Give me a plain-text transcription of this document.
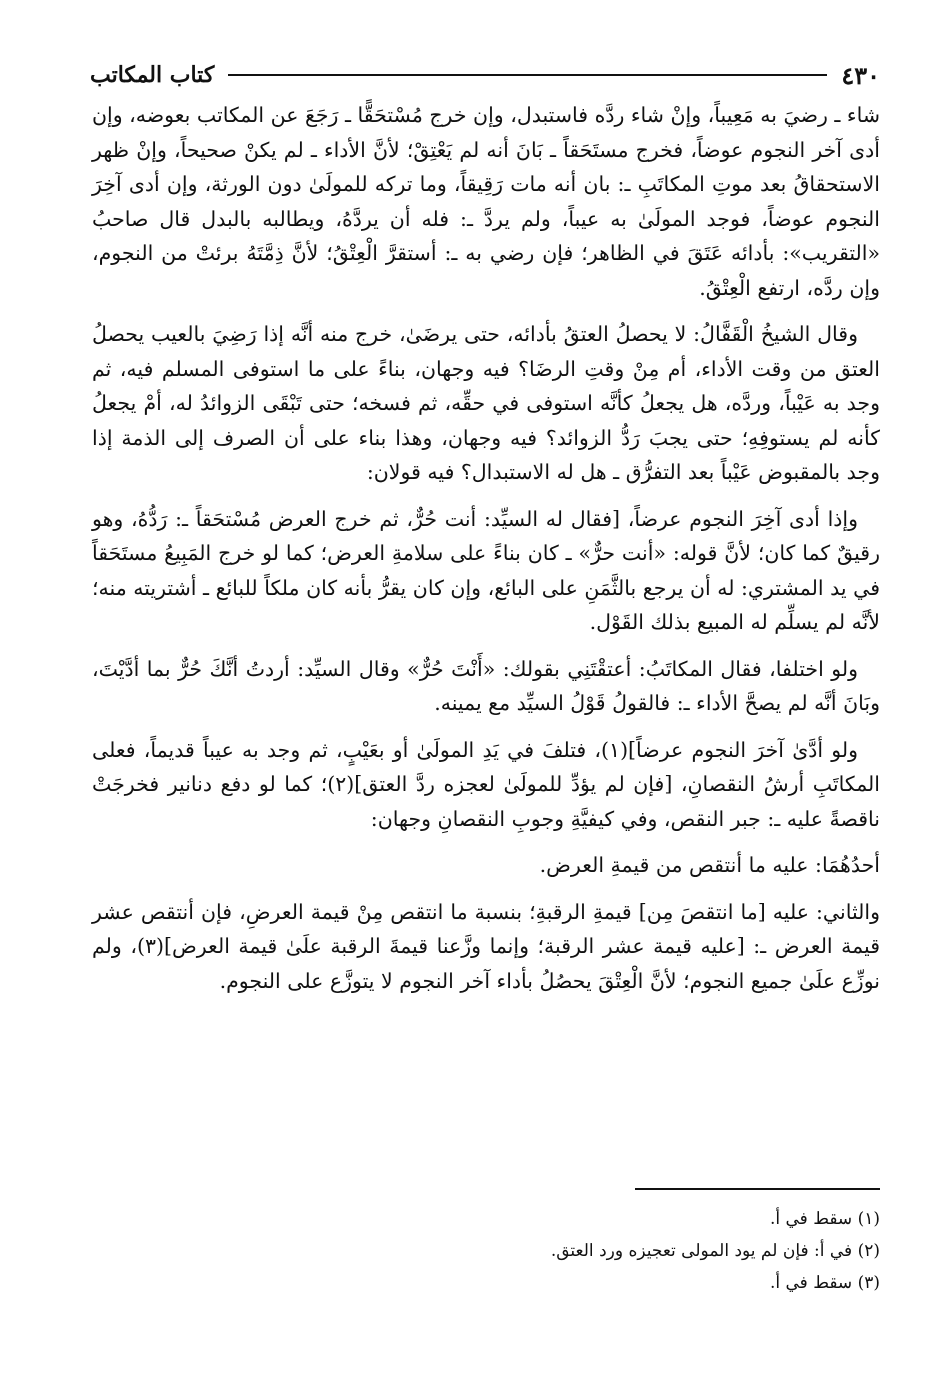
٤٣٠
كتاب المكاتب

شاء ـ رضيَ به مَعِيباً، وإنْ شاء ردَّه فاستبدل، وإن خرج مُسْتحَقًّا ـ رَجَعَ عن المكاتب بعوضه، وإن أدى آخر النجوم عوضاً، فخرج مستَحَقاً ـ بَانَ أنه لم يَعْتِقْ؛ لأنَّ الأداء ـ لم يكنْ صحيحاً، وإنْ ظهر الاستحقاقُ بعد موتِ المكاتَبِ ـ: بان أنه مات رَقِيقاً، وما تركه للمولَىٰ دون الورثة، وإن أدى آخِرَ النجوم عوضاً، فوجد المولَىٰ به عيباً، ولم يردَّ ـ: فله أن يردَّهُ، ويطالبه بالبدل قال صاحبُ «التقريب»: بأدائه عَتَقَ في الظاهر؛ فإن رضي به ـ: أستقرَّ الْعِتْقُ؛ لأنَّ ذِمَّتَهُ برئتْ من النجوم، وإن ردَّه، ارتفع الْعِتْقُ.

وقال الشيخُ الْقَفَّالُ: لا يحصلُ العتقُ بأدائه، حتى يرضَىٰ، خرج منه أنَّه إذا رَضِيَ بالعيب يحصلُ العتق من وقت الأداء، أم مِنْ وقتِ الرضَا؟ فيه وجهان، بناءً على ما استوفى المسلم فيه، ثم وجد به عَيْباً، وردَّه، هل يجعلُ كأنَّه استوفى في حقِّه، ثم فسخه؛ حتى تَبْقَى الزوائدُ له، أمْ يجعلُ كأنه لم يستوفِهِ؛ حتى يجبَ رَدُّ الزوائد؟ فيه وجهان، وهذا بناء على أن الصرف إلى الذمة إذا وجد بالمقبوض عَيْباً بعد التفرُّق ـ هل له الاستبدال؟ فيه قولان:

وإذا أدى آخِرَ النجوم عرضاً، [فقال له السيِّد: أنت حُرٌّ، ثم خرج العرض مُسْتحَقاً ـ: رَدُّهُ، وهو رقيقٌ كما كان؛ لأنَّ قوله: «أنت حرٌّ» ـ كان بناءً على سلامةِ العرض؛ كما لو خرج المَبِيعُ مستَحَقاً في يد المشتري: له أن يرجع بالثَّمَنِ على البائع، وإن كان يقرُّ بأنه كان ملكاً للبائع ـ أشتريته منه؛ لأنَّه لم يسلِّم له المبيع بذلك القَوْل.

ولو اختلفا، فقال المكاتَبُ: أعتقْتَنِي بقولك: «أَنْتَ حُرٌّ» وقال السيِّد: أردتُ أنَّكَ حُرٌّ بما أدَّيْتَ، وبَانَ أنَّه لم يصحَّ الأداء ـ: فالقولُ قَوْلُ السيِّد مع يمينه.

ولو أدَّىٰ آخرَ النجوم عرضاً](١)، فتلفَ في يَدِ المولَىٰ أو بعَيْبٍ، ثم وجد به عيباً قديماً، فعلى المكاتَبِ أرشُ النقصانِ، [فإن لم يؤدِّ للمولَىٰ لعجزه ردَّ العتق](٢)؛ كما لو دفع دنانير فخرجَتْ ناقصةً عليه ـ: جبر النقص، وفي كيفيَّةِ وجوبِ النقصانِ وجهان:

أحدُهُمَا: عليه ما أنتقص من قيمةِ العرض.

والثاني: عليه [ما انتقصَ مِن] قيمةِ الرقبةِ؛ بنسبة ما انتقص مِنْ قيمة العرضِ، فإن أنتقص عشر قيمة العرض ـ: [عليه قيمة عشر الرقبة؛ وإنما وزَّعنا قيمةَ الرقبة علَىٰ قيمة العرض](٣)، ولم نوزِّع علَىٰ جميع النجوم؛ لأنَّ الْعِتْقَ يحصُلُ بأداء آخر النجوم لا يتوزَّع على النجوم.

(١) سقط في أ.

(٢) في أ: فإن لم يود المولى تعجيزه ورد العتق.

(٣) سقط في أ.
